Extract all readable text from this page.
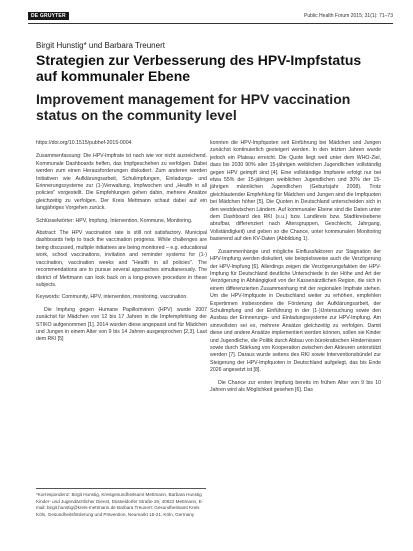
DE GRUYTER	Public Health Forum 2015; 31(1): 71–73
Birgit Hunstig* und Barbara Treunert
Strategien zur Verbesserung des HPV-Impfstatus auf kommunaler Ebene
Improvement management for HPV vaccination status on the community level

https://doi.org/10.1515/pubhef-2015-0004

Zusammenfassung: Die HPV-Impfrate ist nach wie vor nicht ausreichend. Kommunale Dashboards helfen, das Impfgeschehen zu verfolgen. Dabei werden zum einen Herausforderungen diskutiert. Zum anderen werden Initiativen wie Aufklärungsarbeit, Schulimpfungen, Einladungs- und Erinnerungssysteme zur (1-)Verwaltung, Impfwochen und „Health in all policies" vorgestellt. Die Empfehlungen gehen dahin, mehrere Ansätze gleichzeitig zu verfolgen. Der Kreis Mettmann schaut dabei auf ein langjähriges Vorgehen zurück.

Schlüsselwörter: HPV, Impfung, Intervention, Kommune, Monitoring.

Abstract: The HPV vaccination rate is still not satisfactory. Municipal dashboards help to track the vaccination progress. While challenges are being discussed, multiple initiatives are being monitored – e.g. educational work, school vaccinations, invitation and reminder systems for (1-) vaccination, vaccination weeks and "Health in all policies". The recommendations are to pursue several approaches simultaneously. The district of Mettmann can look back on a long-proven procedure in these subjects.

Keywords: Community, HPV, intervention, monitoring, vaccination.

Die Impfung gegen Humane Papillomviren (HPV) wurde 2007 zunächst für Mädchen von 12 bis 17 Jahren in die Impfempfehlung der STIKO aufgenommen [1]. 2014 wurden diese angepasst und für Mädchen und Jungen in einem Alter von 9 bis 14 Jahren ausgesprochen [2,3]. Laut dem RKI [5]

*Korrespondenz: Birgit Hunstig, Kreisgesundheitsamt Mettmann, Barbara Hunstig Kinder- und Jugendärztlicher Dienst, Düsseldorfer Straße 26, 40822 Mettmann, E-mail: birgit.hunstig@kreis-mettmann.de Barbara Treunert: Gesundheitsamt Kreis Köln, Gesundheitsförderung und Prävention, Neumarkt 15-21, Köln, Germany

konnten die HPV-Impfquoten seit Einführung bei Mädchen und Jungen zunächst kontinuierlich gesteigert werden. In den letzten Jahren wurde jedoch ein Plateau erreicht. Die Quote liegt weit unter dem WHO-Ziel, dass bis 2030 90% aller 15-jährigen weiblichen Jugendlichen vollständig gegen HPV geimpft sind [4]. Eine vollständige Impfserie erfolgt nur bei etwa 55% der 15-jährigen weiblichen Jugendlichen und 30% der 15-jährigen männlichen Jugendlichen (Geburtsjahr 2008). Trotz gleichlautender Empfehlung für Mädchen und Jungen sind die Impfquoten bei Mädchen höher [5]. Die Quoten in Deutschland unterscheiden sich in den westdeutschen Ländern. Auf kommunaler Ebene sind die Daten unter dem Dashboard des RKI (s.u.) bzw. Landkreis bzw. Stadtkreisebene abrufbar, differenziert nach Altersgruppen, Geschlecht, Jahrgang, Vollständigkeit) und geben so die Chance, unter kommunalen Monitoring basierend auf den KV-Daten (Abbildung 1).

Zusammenhänge und mögliche Einflussfaktoren zur Stagnation der HPV-Impfung werden diskutiert, wie beispielsweise auch die Verzögerung der HPV-Impfung [6]. Allerdings zeigen die Verzögerungsfakten der HPV-Impfung für Deutschland deutliche Unterschiede in der Höhe und Art der Verzögerung in Abhängigkeit von der Kassenärztlichen Region, die sich in einem differenzierten Zusammenhang mit der regionalen Impfrate stehen. Um die HPV-Impfquote in Deutschland weiter zu erhöhen, empfehlen Expertinnen insbesondere die Förderung der Aufklärungsarbeit, der Schulimpfung und der Einführung in der (1-)Untersuchung sowie den Ausbau der Erinnerungs- und Einladungssysteme zur HPV-Impfung. Am sinnvollsten sei es, mehrere Ansätze gleichzeitig zu verfolgen. Damit diese und andere Ansätze implementiert werden können, sollen sie Kinder und Jugendliche, die Politik durch Abbau von bürokratischen Hindernissen sowie durch Stärkung von Kooperation zwischen den Akteuren unterstützt werden [7]. Daraus wurde seitens des RKI sowie Interventionsbündel zur Steigerung der HPV-Impfquoten in Deutschland aufgelegt, das bis Ende 2026 angesetzt ist [8].

Die Chance zur ersten Impfung bereits im frühen Alter von 9 bis 10 Jahren wird als Möglichkeit gesehen [6]. Das
